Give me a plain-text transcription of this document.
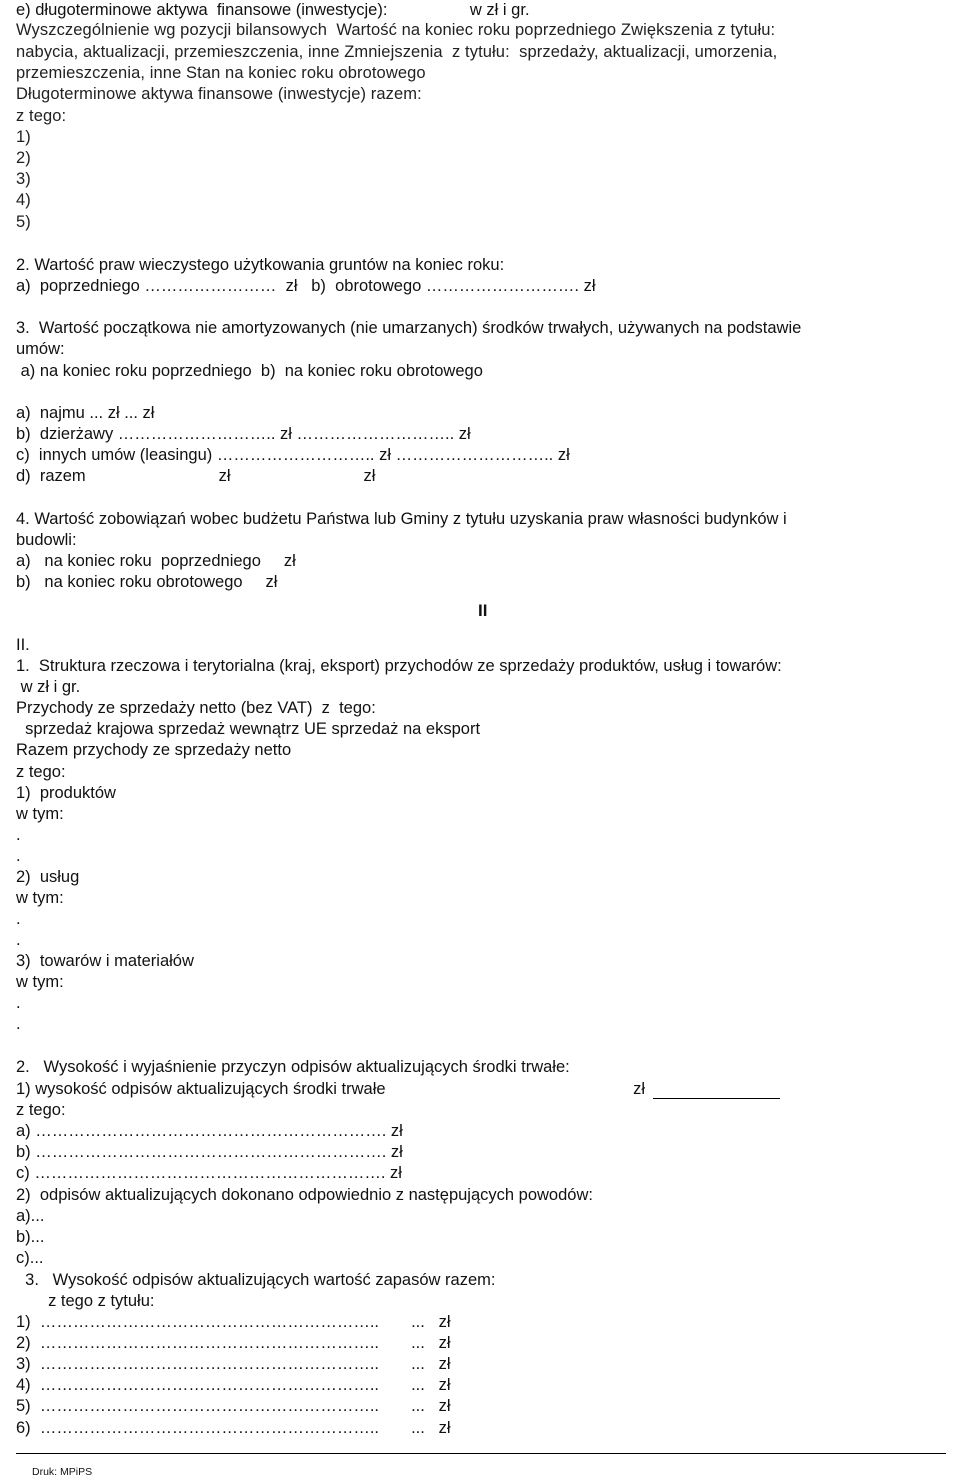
e) długoterminowe aktywa  finansowe (inwestycje):                  w zł i gr.
Wyszczególnienie wg pozycji bilansowych  Wartość na koniec roku poprzedniego Zwiększenia z tytułu:
nabycia, aktualizacji, przemieszczenia, inne Zmniejszenia  z tytułu:  sprzedaży, aktualizacji, umorzenia,
przemieszczenia, inne Stan na koniec roku obrotowego
Długoterminowe aktywa finansowe (inwestycje) razem:
z tego:
1)
2)
3)
4)
5)
2. Wartość praw wieczystego użytkowania gruntów na koniec roku:
a)  poprzedniego ……………………  zł   b)  obrotowego ………………………. zł
3.  Wartość początkowa nie amortyzowanych (nie umarzanych) środków trwałych, używanych na podstawie
umów:
a) na koniec roku poprzedniego  b)  na koniec roku obrotowego
a)  najmu ... zł ... zł
b)  dzierżawy ……………………….. zł ……………………….. zł
c)  innych umów (leasingu) ……………………….. zł ……………………….. zł
d)  razem                             zł                             zł
4. Wartość zobowiązań wobec budżetu Państwa lub Gminy z tytułu uzyskania praw własności budynków i
budowli:
a)   na koniec roku  poprzedniego     zł
b)   na koniec roku obrotowego     zł
II.
1.  Struktura rzeczowa i terytorialna (kraj, eksport) przychodów ze sprzedaży produktów, usług i towarów:
w zł i gr.
Przychody ze sprzedaży netto (bez VAT)  z  tego:
sprzedaż krajowa sprzedaż wewnątrz UE sprzedaż na eksport
Razem przychody ze sprzedaży netto
z tego:
1)  produktów
w tym:
.
.
2)  usług
w tym:
.
.
3)  towarów i materiałów
w tym:
.
.
2.   Wysokość i wyjaśnienie przyczyn odpisów aktualizujących środki trwałe:
1) wysokość odpisów aktualizujących środki trwałe                                                      zł
z tego:
a) ………………………………………………………. zł
b) ………………………………………………………. zł
c) ………………………………………………………. zł
2)  odpisów aktualizujących dokonano odpowiednio z następujących powodów:
a)...
b)...
c)...
3.   Wysokość odpisów aktualizujących wartość zapasów razem:
z tego z tytułu:
1)  ……………………………………………………..       ...   zł
2)  ……………………………………………………..       ...   zł
3)  ……………………………………………………..       ...   zł
4)  ……………………………………………………..       ...   zł
5)  ……………………………………………………..       ...   zł
6)  ……………………………………………………..       ...   zł
II
Druk: MPiPS
